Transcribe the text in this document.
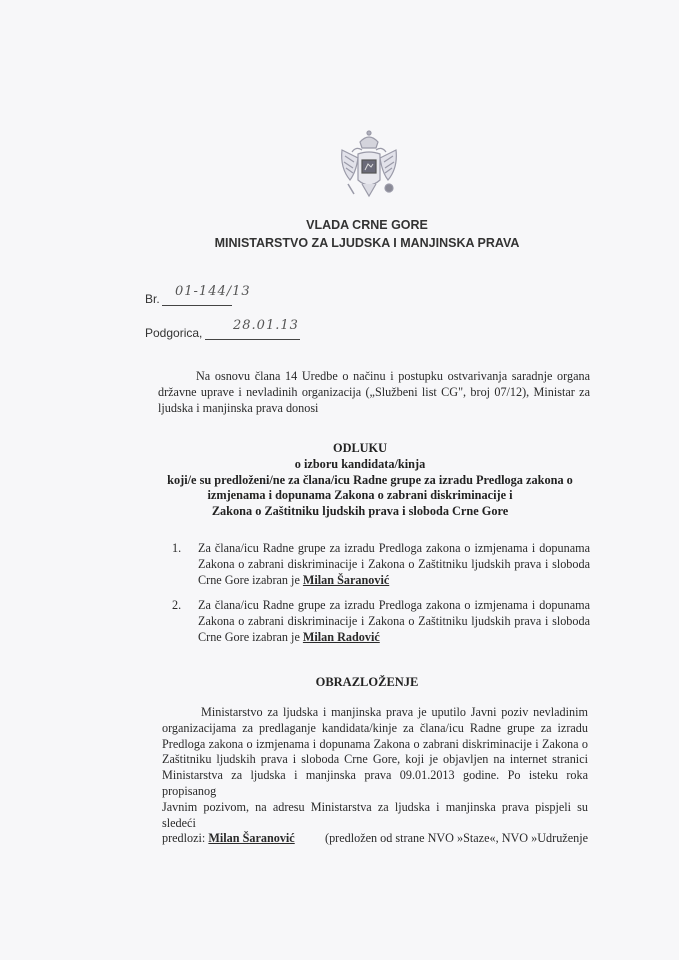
VLADA CRNE GORE
MINISTARSTVO ZA LJUDSKA I MANJINSKA PRAVA
Br. 01-144/13
Podgorica, 28.01.13

Na osnovu člana 14 Uredbe o načinu i postupku ostvarivanja saradnje organa

državne uprave i nevladinih organizacija („Službeni list CG", broj 07/12), Ministar za

ljudska i manjinska prava donosi

ODLUKU
o izboru kandidata/kinja
koji/e su predloženi/ne za člana/icu Radne grupe za izradu Predloga zakona o
izmjenama i dopunama Zakona o zabrani diskriminacije i
Zakona o Zaštitniku ljudskih prava i sloboda Crne Gore
1. Za člana/icu Radne grupe za izradu Predloga zakona o izmjenama i dopunama
Zakona o zabrani diskriminacije i Zakona o Zaštitniku ljudskih prava i sloboda
Crne Gore izabran je Milan Šaranović
2. Za člana/icu Radne grupe za izradu Predloga zakona o izmjenama i dopunama
Zakona o zabrani diskriminacije i Zakona o Zaštitniku ljudskih prava i sloboda
Crne Gore izabran je Milan Radović
OBRAZLOŽENJE

Ministarstvo za ljudska i manjinska prava je uputilo Javni poziv nevladinim

organizacijama za predlaganje kandidata/kinje za člana/icu Radne grupe za izradu

Predloga zakona o izmjenama i dopunama Zakona o zabrani diskriminacije i Zakona o

Zaštitniku ljudskih prava i sloboda Crne Gore, koji je objavljen na internet stranici

Ministarstva za ljudska i manjinska prava 09.01.2013 godine. Po isteku roka propisanog

Javnim pozivom, na adresu Ministarstva za ljudska i manjinska prava pispjeli su sledeći

predlozi: Milan Šaranović (predložen od strane NVO »Staze«, NVO »Udruženje
